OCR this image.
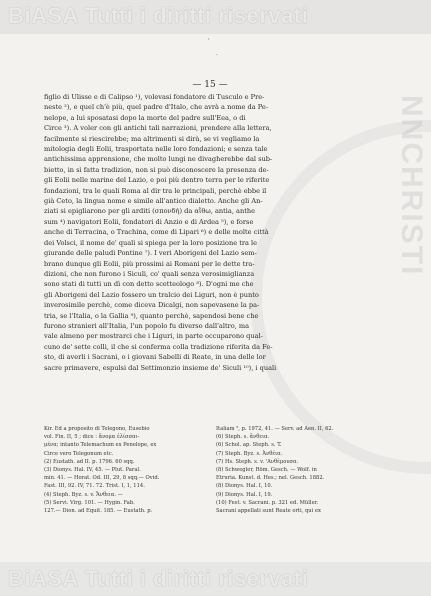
BiASA Tutti i diritti riservati
NNCHRISTI
'
·
— 15 —

figlio di Ulisse e di Calipso ¹), volevasi fondatore di Tusculo e Pre-

neste ²), e quel ch'è più, quel padre d'Italo, che avrà a nome da Pe-

nelope, a lui sposatasi dopo la morte del padre sull'Eea, o di

Circe ³). A voler con gli antichi tali narrazioni, prendere alla lettera,

facilmente si riescirebbe; ma altrimenti si dirà, se vi vegliamo la

mitologia degli Eolii, trasportata nelle loro fondazioni; e senza tale

antichissima apprensione, che molto lungi ne divagherebbe dal sub-

bietto, in sì fatta tradizion, non si può disconoscere la presenza de-

gli Eolii nelle marine del Lazio, e poi più dentro terra per le riferite

fondazioni, tra le quali Roma al dir tra le principali, perchè ebbe il

già Ceto, la lingua nome e simile all'antico dialetto. Anche gli An-

ziati si epigliarono per gli arditi (σπονδή) da αἴθω, antia, anthe

sum ⁴) navigatori Eolii, fondatori di Anzio e di Ardea ⁵), e forse

anche di Terracina, o Trachina, come di Lipari ⁶) e delle molte città

dei Volsci, il nome de' quali si spiega per la loro posizione tra le

giurande delle paludi Pontine ⁷). I veri Aborigeni del Lazio sem-

brano dunque gli Eolii, più prossimi ai Romani per le dette tra-

dizioni, che non furono i Siculi, co' quali senza verosimiglianza

sono stati di tutti un dì con detto scetteologo ⁸). D'ogni me che

gli Aborigeni del Lazio fossero un tralcio dei Liguri, non è punto

inverosimile perchè, come diceva Dicalgi, non sapevasene la pa-

tria, se l'Italia, o la Gallia ⁹), quanto perchè, sapendosi bene che

furono stranieri all'Italia, l'un popolo fu diverso dall'altro, ma

vale almeno per mostrarci che i Liguri, in parte occuparono qual-

cuno de' sette colli, il che si conferma colla tradizione riferita da Fe-

sto, di averli i Sacrani, o i giovani Sabelli di Reate, in una delle lor

sacre primavere, espulsi dal Settimonzio insieme de' Siculi ¹⁰), i quali

Kir. Ed a proposito di Telegono, Eusebio

vol. Fin. II, 5 ; dice : ἄνομα ἐλίσσαι-

μένα; intanto Telemachum ex Penelope, ex

Circe vero Telegonum etc.

(2) Eustath. ad II. p. 1796. 60 sqq.

(3) Dionys. Hal. IV, 45. — Plut. Paral.

min. 41. — Horat. Od. III, 29, 8 sqq.— Ovid.

Fast. III, 92. IV, 71. 72. Trist. I, 1, 114.

(4) Steph. Byz. s. v. Ἄνθεια. —

(5) Servi. Virg. 101. — Hygin. Fab.

127.— Dion. ad Equit. 185. — Eustath. p.

Italiam ⁵, p. 1972, 41. — Serv. ad Aen. II, 62.

(6) Steph. s. ἄνθεια.

(6) Schol. ap. Steph. s. T.

(7) Steph. Byz. s. Ἀνθέια.

(7) Hs. Steph. s. v. 'Ανθέμουσα.

(8) Schwegler, Röm. Gesch. — Wolf. in

Etruria. Kunst. d. Hes.; nel. Gesch. 1882.

(8) Dionys. Hal. I, 10.

(9) Dionys. Hal. I, 19.

(10) Fest. v. Sacrani. p. 321 ed. Müller.

Sacrani appellati sunt Reate orti, qui ex

BiASA Tutti i diritti riservati
